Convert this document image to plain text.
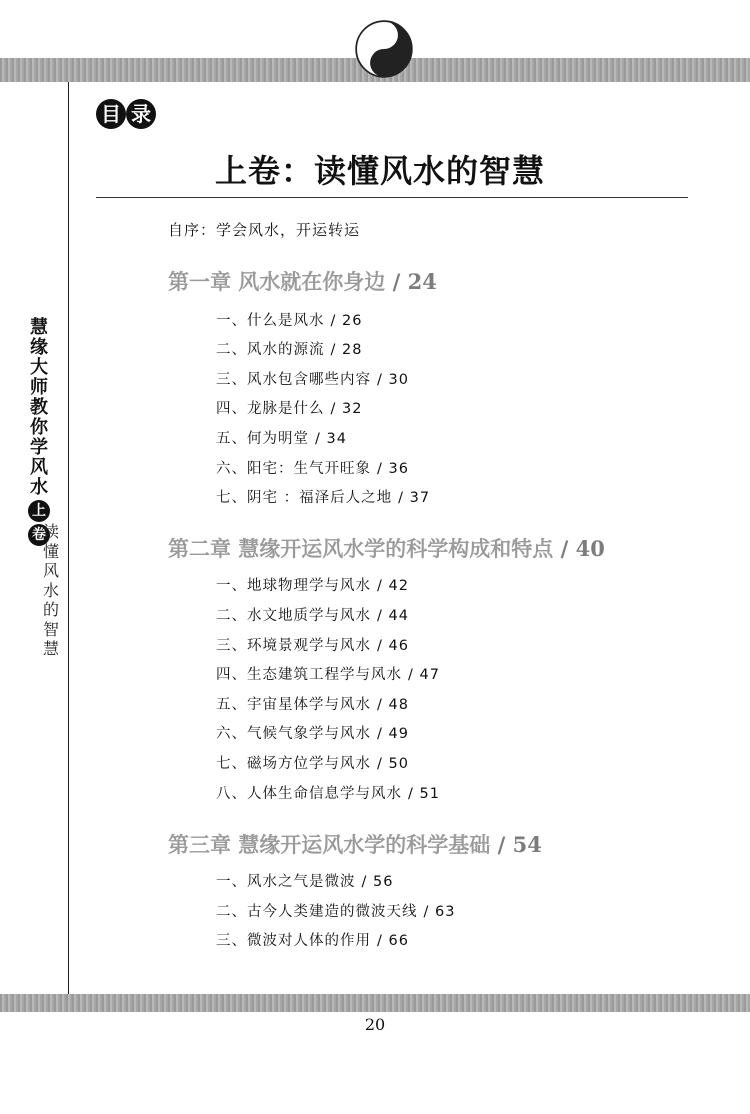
慧
缘
大
师
教
你
学
风
水
上
卷
读
懂
风
水
的
智
慧
目 录
上卷：读懂风水的智慧
自序：学会风水，开运转运
第一章 风水就在你身边 / 24
一、什么是风水 / 26
二、风水的源流 / 28
三、风水包含哪些内容 / 30
四、龙脉是什么 / 32
五、何为明堂 / 34
六、阳宅：生气开旺象 / 36
七、阴宅 ：福泽后人之地 / 37
第二章 慧缘开运风水学的科学构成和特点 / 40
一、地球物理学与风水 / 42
二、水文地质学与风水 / 44
三、环境景观学与风水 / 46
四、生态建筑工程学与风水 / 47
五、宇宙星体学与风水 / 48
六、气候气象学与风水 / 49
七、磁场方位学与风水 / 50
八、人体生命信息学与风水 / 51
第三章 慧缘开运风水学的科学基础 / 54
一、风水之气是微波 / 56
二、古今人类建造的微波天线 / 63
三、微波对人体的作用 / 66
20
